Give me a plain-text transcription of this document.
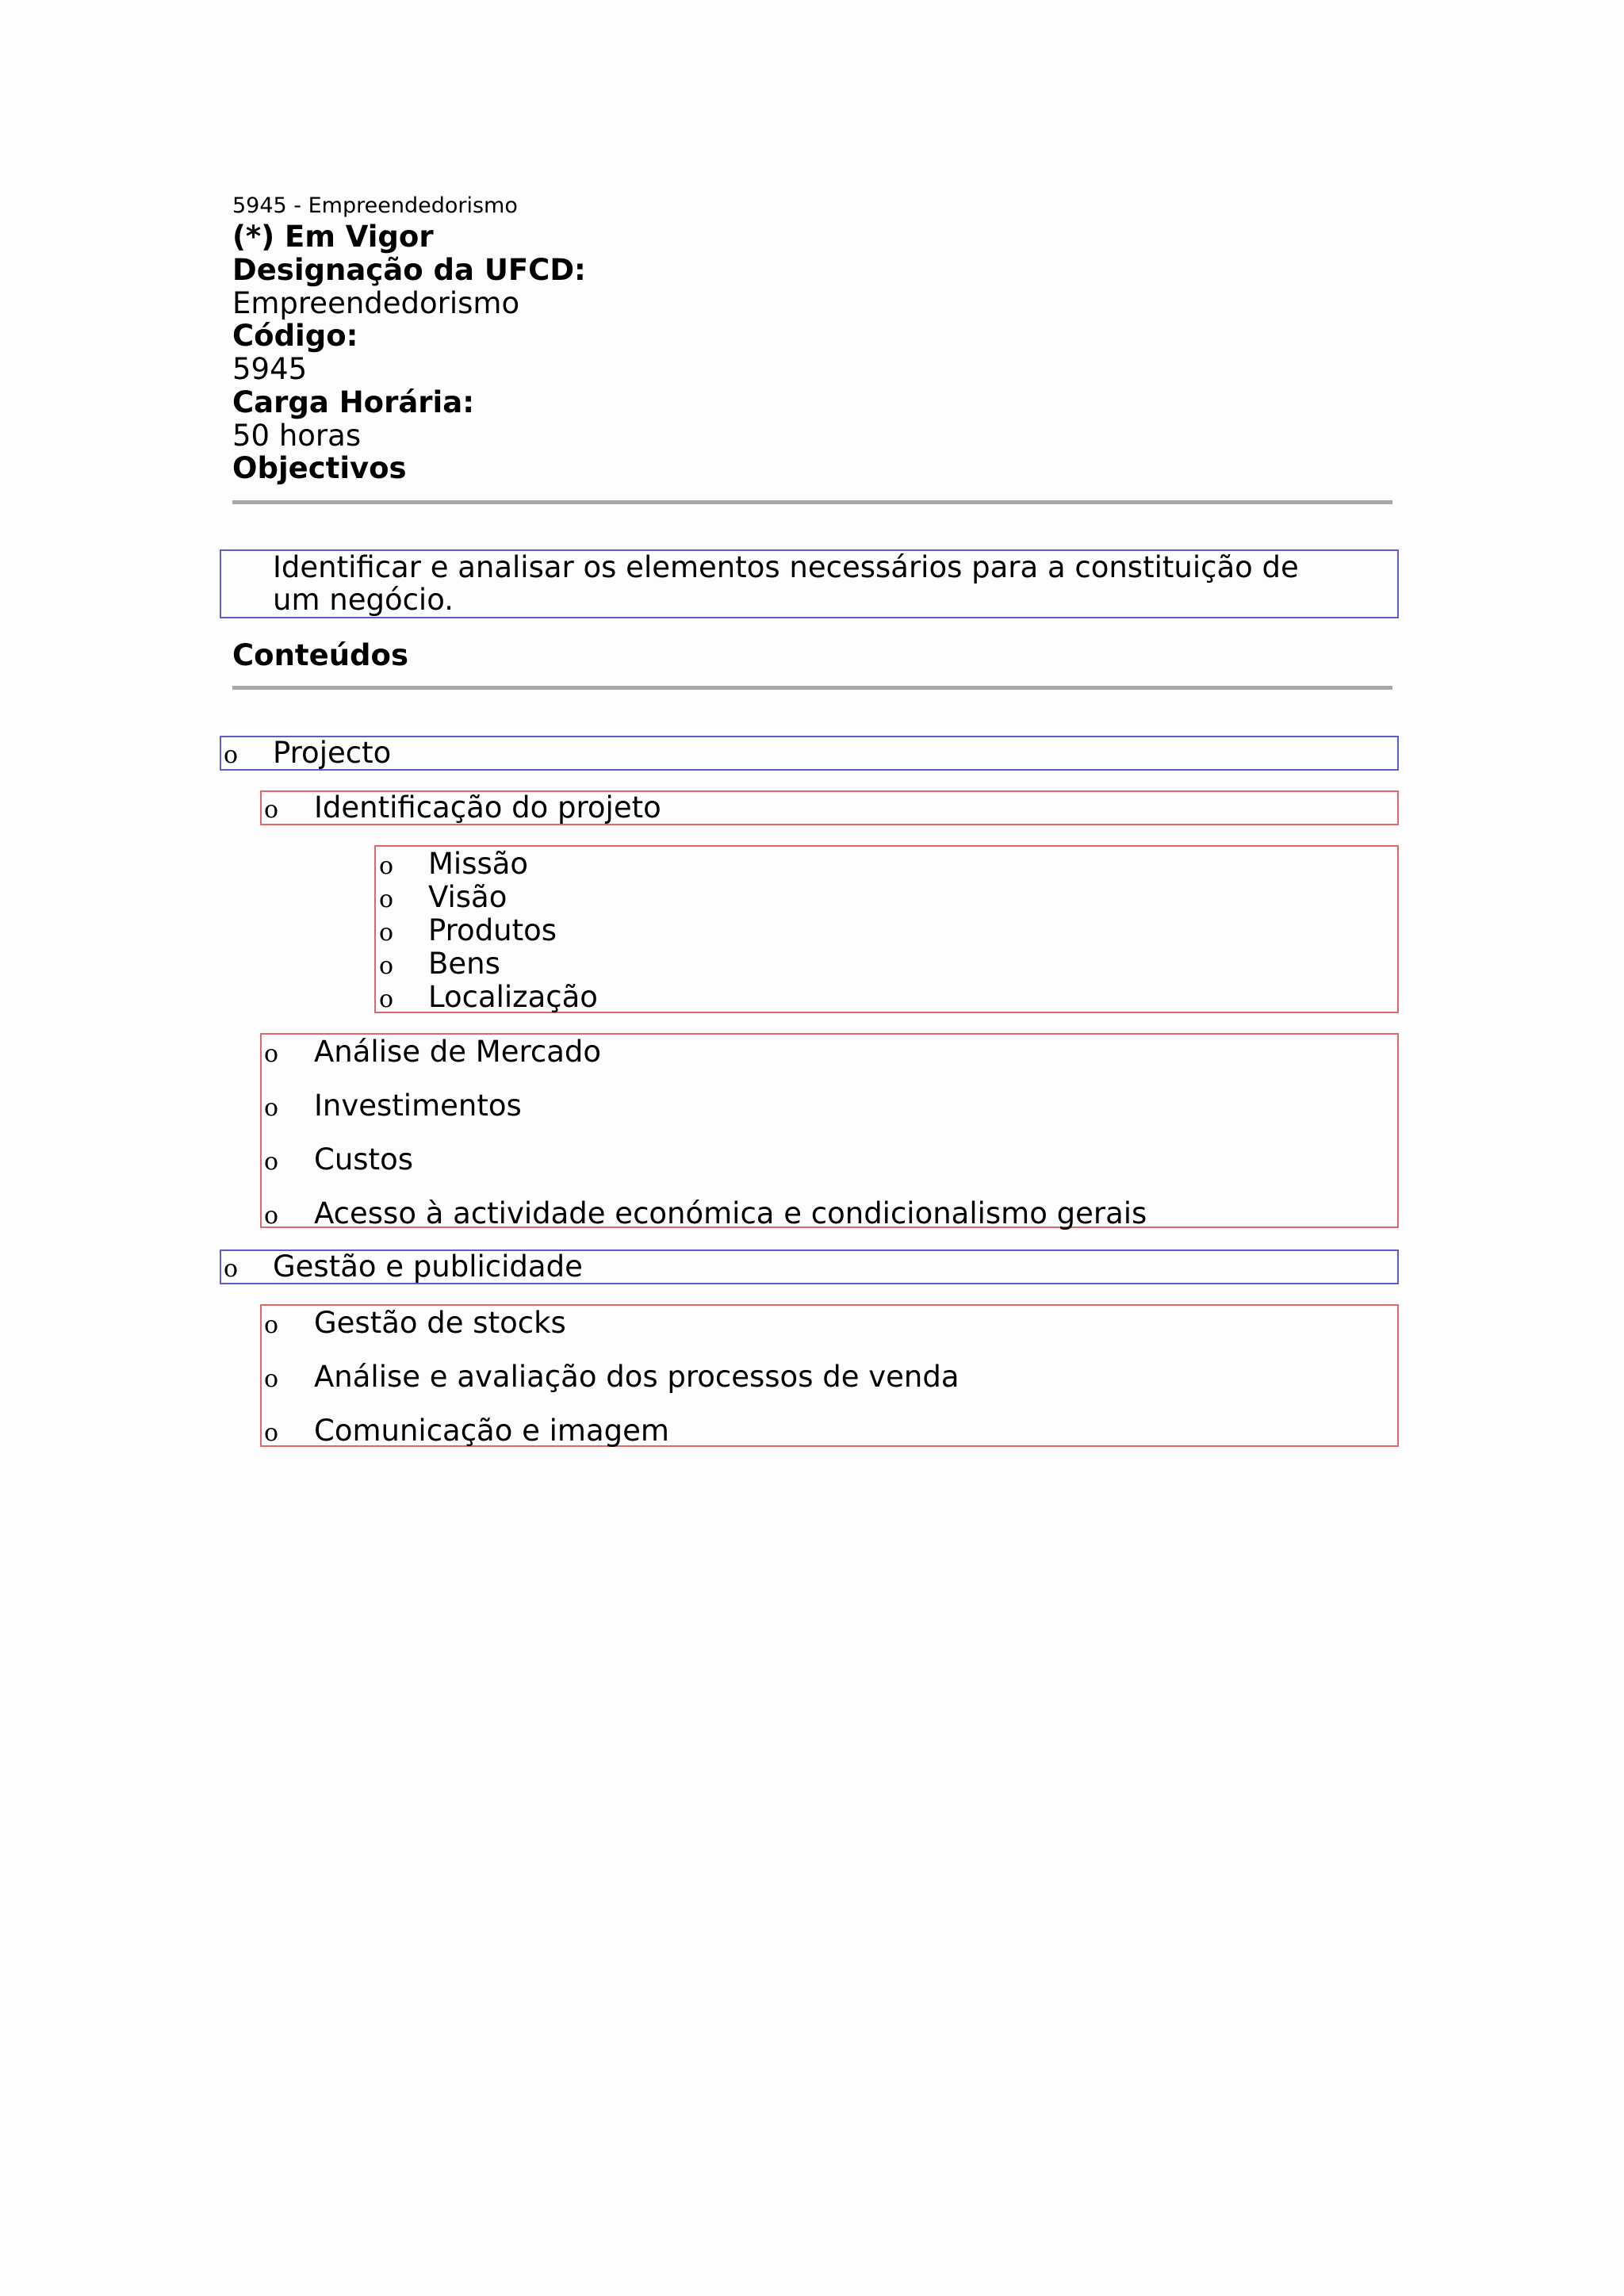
5945 - Empreendedorismo
(*) Em Vigor
Designação da UFCD:
Empreendedorismo
Código:
5945
Carga Horária:
50 horas
Objectivos
Identificar e analisar os elementos necessários para a constituição de um negócio.
Conteúdos
o Projecto
o Identificação do projeto
o Missão
o Visão
o Produtos
o Bens
o Localização
o Análise de Mercado
o Investimentos
o Custos
o Acesso à actividade económica e condicionalismo gerais
o Gestão e publicidade
o Gestão de stocks
o Análise e avaliação dos processos de venda
o Comunicação e imagem
